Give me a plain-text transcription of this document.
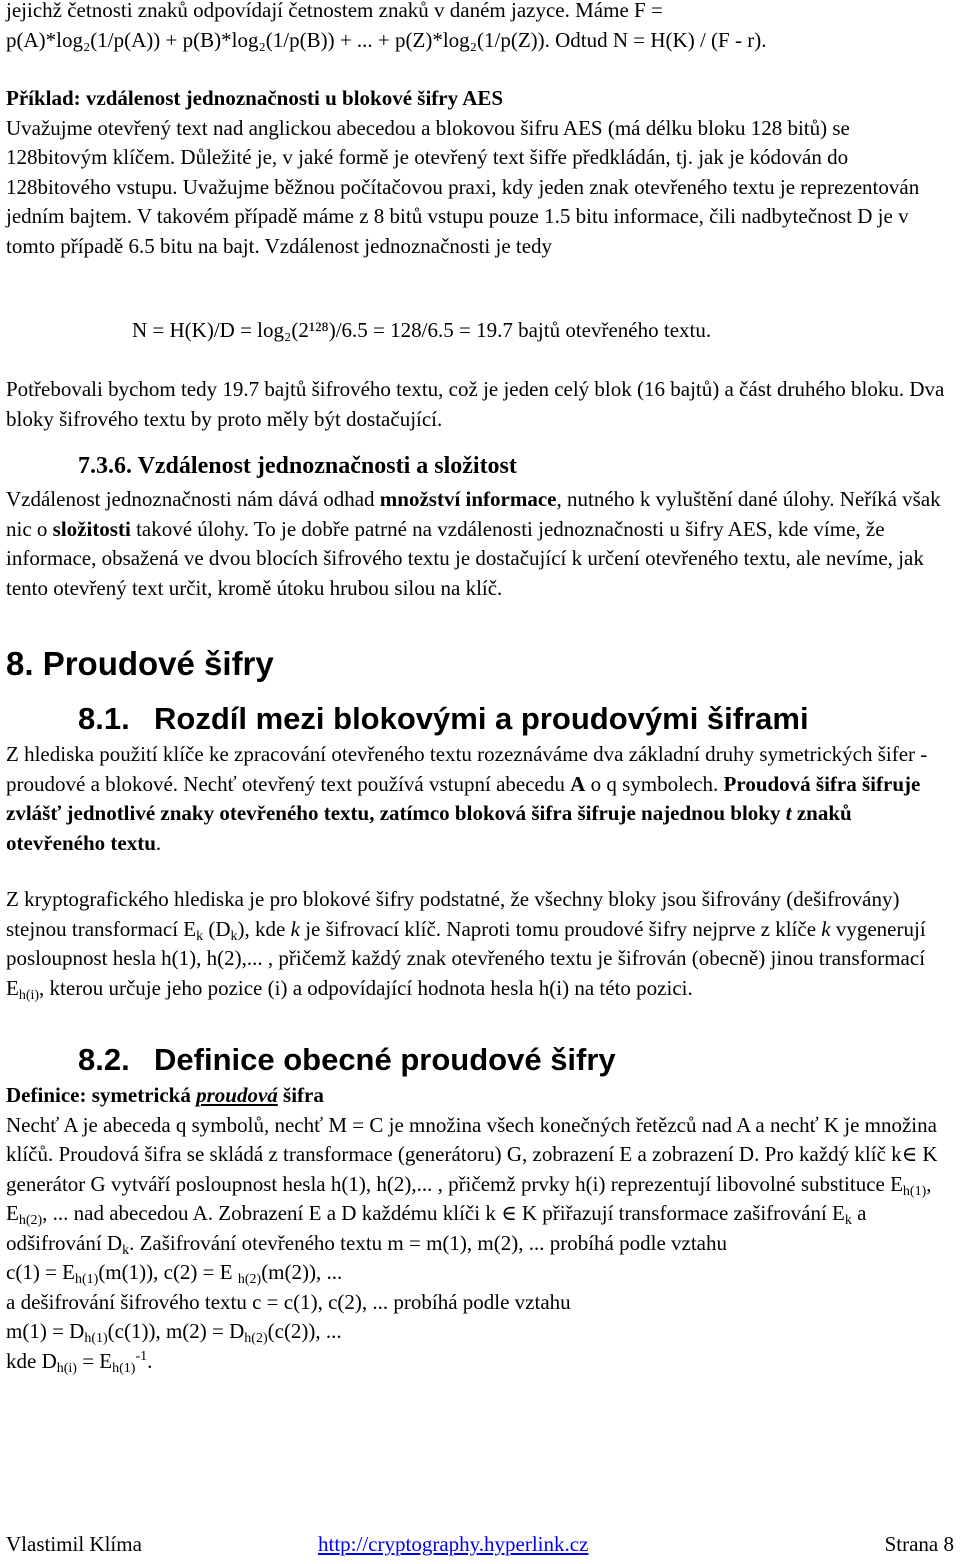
jejichž četnosti znaků odpovídají četnostem znaků v daném jazyce. Máme F =

p(A)*log₂(1/p(A)) + p(B)*log₂(1/p(B)) + ... + p(Z)*log₂(1/p(Z)). Odtud N = H(K) / (F - r).

Příklad: vzdálenost jednoznačnosti u blokové šifry AES

Uvažujme otevřený text nad anglickou abecedou a blokovou šifru AES (má délku bloku 128 bitů) se 128bitovým klíčem. Důležité je, v jaké formě je otevřený text šifře předkládán, tj. jak je kódován do 128bitového vstupu. Uvažujme běžnou počítačovou praxi, kdy jeden znak otevřeného textu je reprezentován jedním bajtem. V takovém případě máme z 8 bitů vstupu pouze 1.5 bitu informace, čili nadbytečnost D je v tomto případě 6.5 bitu na bajt. Vzdálenost jednoznačnosti je tedy

N = H(K)/D = log₂(2¹²⁸)/6.5 = 128/6.5 = 19.7 bajtů otevřeného textu.
Potřebovali bychom tedy 19.7 bajtů šifrového textu, což je jeden celý blok (16 bajtů) a část druhého bloku. Dva bloky šifrového textu by proto měly být dostačující.
7.3.6. Vzdálenost jednoznačnosti a složitost
Vzdálenost jednoznačnosti nám dává odhad množství informace, nutného k vyluštění dané úlohy. Neříká však nic o složitosti takové úlohy. To je dobře patrné na vzdálenosti jednoznačnosti u šifry AES, kde víme, že informace, obsažená ve dvou blocích šifrového textu je dostačující k určení otevřeného textu, ale nevíme, jak tento otevřený text určit, kromě útoku hrubou silou na klíč.
8. Proudové šifry
8.1. Rozdíl mezi blokovými a proudovými šiframi
Z hlediska použití klíče ke zpracování otevřeného textu rozeznáváme dva základní druhy symetrických šifer - proudové a blokové. Nechť otevřený text používá vstupní abecedu A o q symbolech. Proudová šifra šifruje zvlášť jednotlivé znaky otevřeného textu, zatímco bloková šifra šifruje najednou bloky t znaků otevřeného textu.
Z kryptografického hlediska je pro blokové šifry podstatné, že všechny bloky jsou šifrovány (dešifrovány) stejnou transformací $E_k$ $(D_k)$, kde k je šifrovací klíč. Naproti tomu proudové šifry nejprve z klíče k vygenerují posloupnost hesla h(1), h(2),... , přičemž každý znak otevřeného textu je šifrován (obecně) jinou transformací $E_{h(i)}$, kterou určuje jeho pozice (i) a odpovídající hodnota hesla h(i) na této pozici.
8.2. Definice obecné proudové šifry

Definice: symetrická proudová šifra

Nechť A je abeceda q symbolů, nechť M = C je množina všech konečných řetězců nad A a nechť K je množina klíčů. Proudová šifra se skládá z transformace (generátoru) G, zobrazení E a zobrazení D. Pro každý klíč k∈ K generátor G vytváří posloupnost hesla h(1), h(2),... , přičemž prvky h(i) reprezentují libovolné substituce $E_{h(1)}$, $E_{h(2)}$, ... nad abecedou A. Zobrazení E a D každému klíči k ∈ K přiřazují transformace zašifrování $E_k$ a odšifrování $D_k$. Zašifrování otevřeného textu m = m(1), m(2), ... probíhá podle vztahu

$c(1) = E_{h(1)}(m(1))$, c(2) = E $_{h(2)}$(m(2)), ...

a dešifrování šifrového textu c = c(1), c(2), ... probíhá podle vztahu

$m(1) = D_{h(1)}(c(1))$, $m(2) = D_{h(2)}(c(2))$, ...

kde $D_{h(i)} = E_{h(1)}^{-1}$.

Vlastimil Klíma	http://cryptography.hyperlink.cz	Strana 8
